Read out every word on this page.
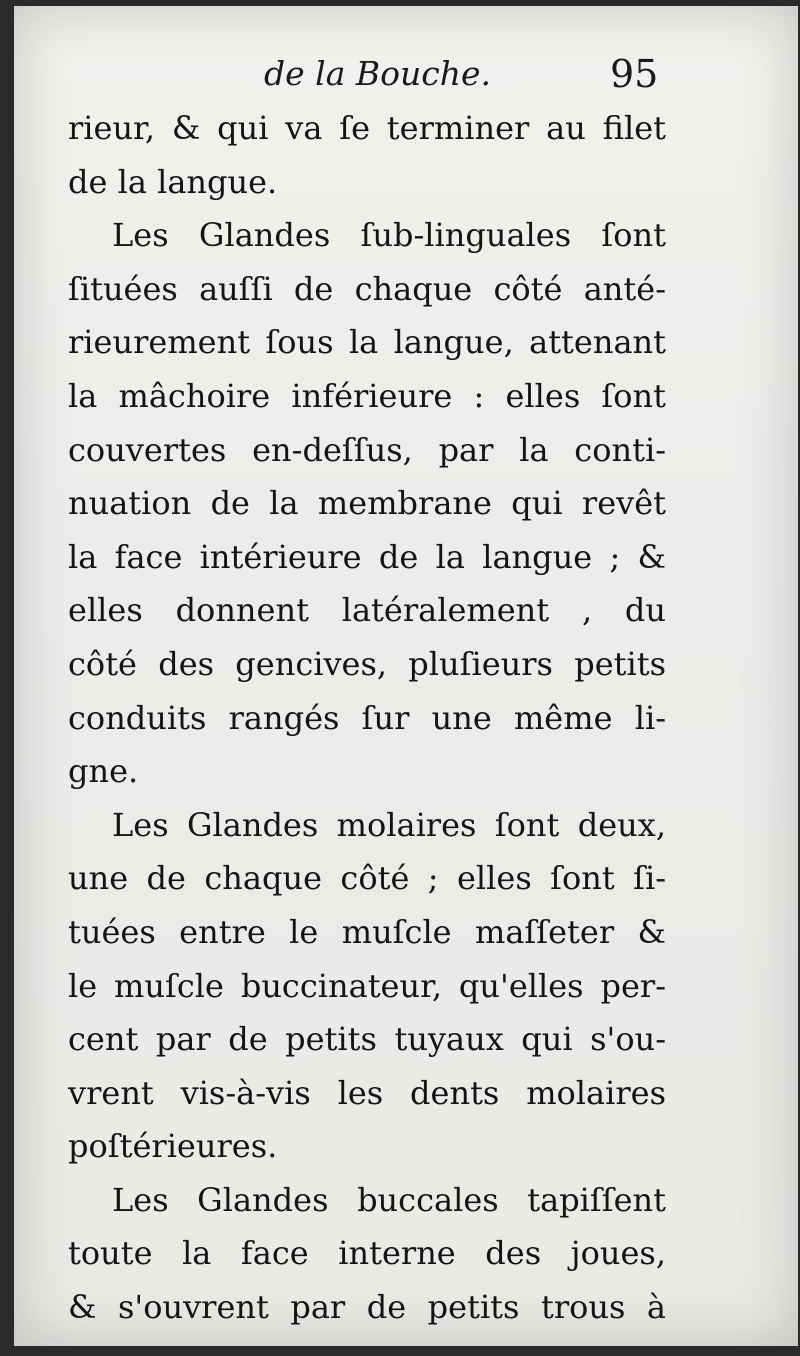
de la Bouche.	95
rieur, & qui va ſe terminer au filet
de la langue.
Les Glandes ſub-linguales ſont
ſituées auſſi de chaque côté anté-
rieurement ſous la langue, attenant
la mâchoire inférieure : elles ſont
couvertes en-deſſus, par la conti-
nuation de la membrane qui revêt
la face intérieure de la langue ; &
elles donnent latéralement , du
côté des gencives, pluſieurs petits
conduits rangés ſur une même li-
gne.
Les Glandes molaires ſont deux,
une de chaque côté ; elles ſont ſi-
tuées entre le muſcle maſſeter &
le muſcle buccinateur, qu'elles per-
cent par de petits tuyaux qui s'ou-
vrent vis-à-vis les dents molaires
poſtérieures.
Les Glandes buccales tapiſſent
toute la face interne des joues,
& s'ouvrent par de petits trous à
